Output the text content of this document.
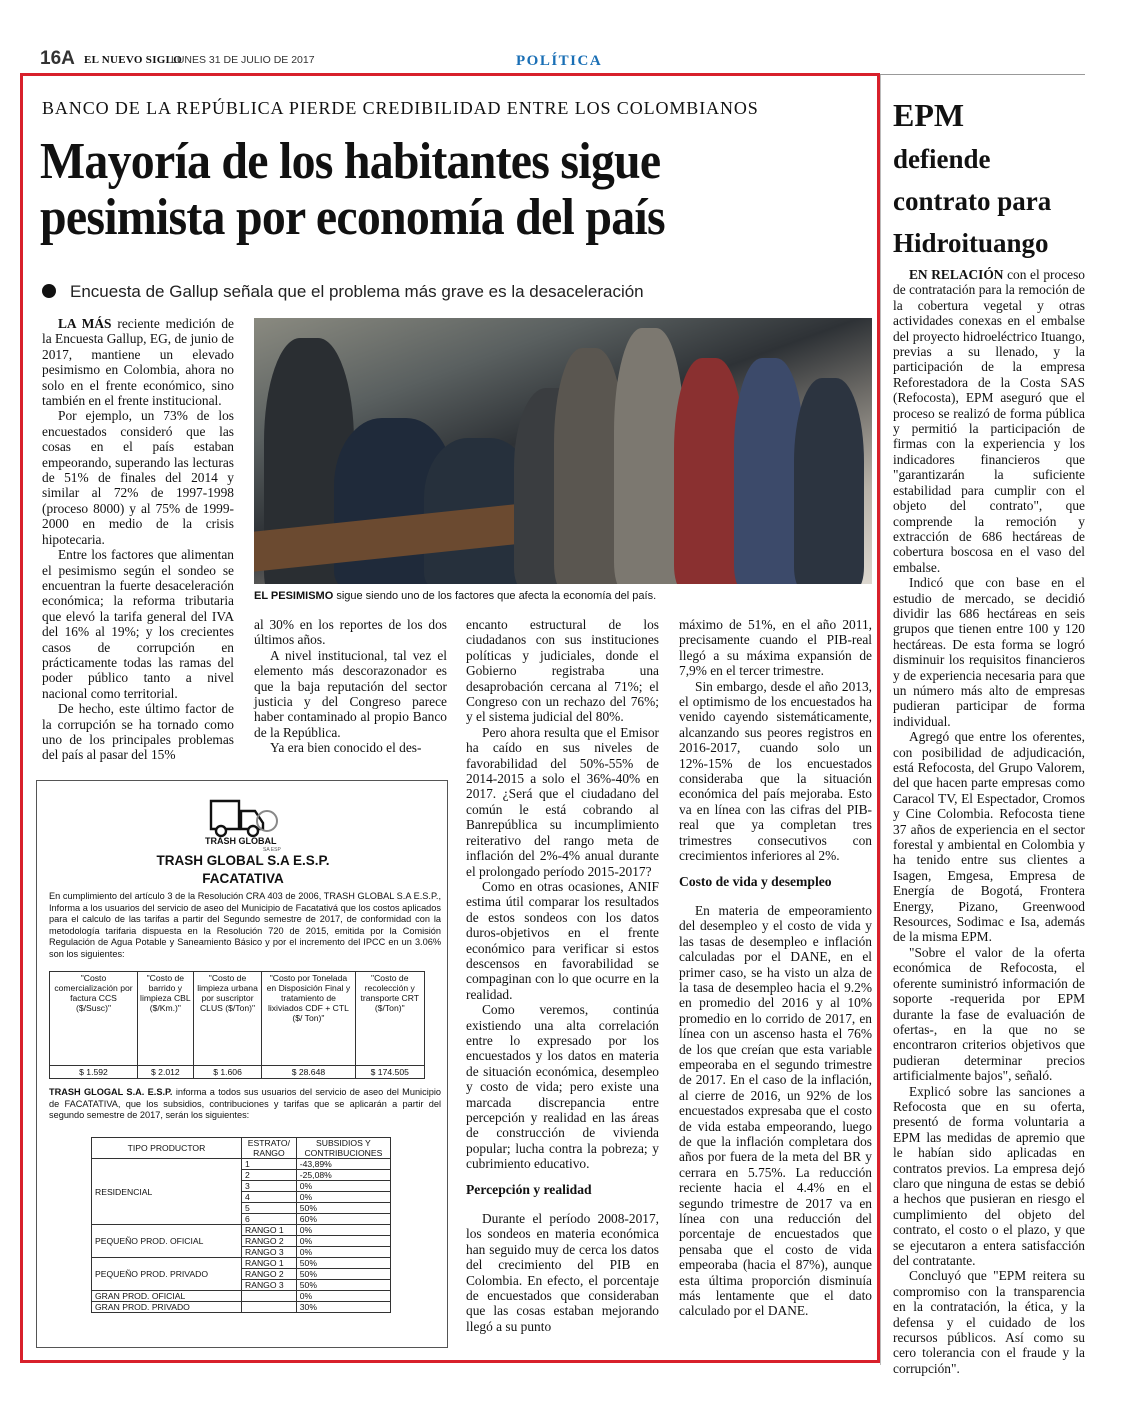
16A EL NUEVO SIGLO
LUNES 31 DE JULIO DE 2017	POLÍTICA
BANCO DE LA REPÚBLICA PIERDE CREDIBILIDAD ENTRE LOS COLOMBIANOS
Mayoría de los habitantes sigue
pesimista por economía del país
Encuesta de Gallup señala que el problema más grave es la desaceleración
EL PESIMISMO sigue siendo uno de los factores que afecta la economía del país.

LA MÁS reciente medición de la Encuesta Gallup, EG, de junio de 2017, mantiene un elevado pesimismo en Colombia, ahora no solo en el frente económico, sino también en el frente institucional.

Por ejemplo, un 73% de los encuestados consideró que las cosas en el país estaban empeorando, superando las lecturas de 51% de finales del 2014 y similar al 72% de 1997-1998 (proceso 8000) y al 75% de 1999-2000 en medio de la crisis hipotecaria.

Entre los factores que alimentan el pesimismo según el sondeo se encuentran la fuerte desaceleración económica; la reforma tributaria que elevó la tarifa general del IVA del 16% al 19%; y los crecientes casos de corrupción en prácticamente todas las ramas del poder público tanto a nivel nacional como territorial.

De hecho, este último factor de la corrupción se ha tornado como uno de los principales problemas del país al pasar del 15%

al 30% en los reportes de los dos últimos años.

A nivel institucional, tal vez el elemento más descorazonador es que la baja reputación del sector justicia y del Congreso parece haber contaminado al propio Banco de la República.

Ya era bien conocido el des-

encanto estructural de los ciudadanos con sus instituciones políticas y judiciales, donde el Gobierno registraba una desaprobación cercana al 71%; el Congreso con un rechazo del 76%; y el sistema judicial del 80%.

Pero ahora resulta que el Emisor ha caído en sus niveles de favorabilidad del 50%-55% de 2014-2015 a solo el 36%-40% en 2017. ¿Será que el ciudadano del común le está cobrando al Banrepública su incumplimiento reiterativo del rango meta de inflación del 2%-4% anual durante el prolongado período 2015-2017?

Como en otras ocasiones, ANIF estima útil comparar los resultados de estos sondeos con los datos duros-objetivos en el frente económico para verificar si estos descensos en favorabilidad se compaginan con lo que ocurre en la realidad.

Como veremos, continúa existiendo una alta correlación entre lo expresado por los encuestados y los datos en materia de situación económica, desempleo y costo de vida; pero existe una marcada discrepancia entre percepción y realidad en las áreas de construcción de vivienda popular; lucha contra la pobreza; y cubrimiento educativo.

Percepción y realidad

Durante el período 2008-2017, los sondeos en materia económica han seguido muy de cerca los datos del crecimiento del PIB en Colombia. En efecto, el porcentaje de encuestados que consideraban que las cosas estaban mejorando llegó a su punto

máximo de 51%, en el año 2011, precisamente cuando el PIB-real llegó a su máxima expansión de 7,9% en el tercer trimestre.

Sin embargo, desde el año 2013, el optimismo de los encuestados ha venido cayendo sistemáticamente, alcanzando sus peores registros en 2016-2017, cuando solo un 12%-15% de los encuestados consideraba que la situación económica del país mejoraba. Esto va en línea con las cifras del PIB-real que ya completan tres trimestres consecutivos con crecimientos inferiores al 2%.

Costo de vida y desempleo

En materia de empeoramiento del desempleo y el costo de vida y las tasas de desempleo e inflación calculadas por el DANE, en el primer caso, se ha visto un alza de la tasa de desempleo hacia el 9.2% en promedio del 2016 y al 10% promedio en lo corrido de 2017, en línea con un ascenso hasta el 76% de los que creían que esta variable empeoraba en el segundo trimestre de 2017. En el caso de la inflación, al cierre de 2016, un 92% de los encuestados expresaba que el costo de vida estaba empeorando, luego de que la inflación completara dos años por fuera de la meta del BR y cerrara en 5.75%. La reducción reciente hacia el 4.4% en el segundo trimestre de 2017 va en línea con una reducción del porcentaje de encuestados que pensaba que el costo de vida empeoraba (hacia el 87%), aunque esta última proporción disminuía más lentamente que el dato calculado por el DANE.

TRASH GLOBAL
SA ESP
TRASH GLOBAL S.A E.S.P.
FACATATIVA
En cumplimiento del artículo 3 de la Resolución CRA 403 de 2006, TRASH GLOBAL S.A E.S.P., Informa a los usuarios del servicio de aseo del Municipio de Facatativá que los costos aplicados para el calculo de las tarifas a partir del Segundo semestre de 2017, de conformidad con la metodología tarifaria dispuesta en la Resolución 720 de 2015, emitida por la Comisión Regulación de Agua Potable y Saneamiento Básico y por el incremento del IPCC en un 3.06% son los siguientes:
"Costo comercialización por factura CCS ($/Susc)"	"Costo de barrido y limpieza CBL ($/Km.)"	"Costo de limpieza urbana por suscriptor CLUS ($/Ton)"	"Costo por Tonelada en Disposición Final y tratamiento de lixiviados CDF + CTL ($/ Ton)"	"Costo de recolección y transporte CRT ($/Ton)"
$ 1.592	$ 2.012	$ 1.606	$ 28.648	$ 174.505
TRASH GLOGAL S.A. E.S.P. informa a todos sus usuarios del servicio de aseo del Municipio de FACATATIVA, que los subsidios, contribuciones y tarifas que se aplicarán a partir del segundo semestre de 2017, serán los siguientes:
TIPO PRODUCTOR	ESTRATO/ RANGO	SUBSIDIOS Y CONTRIBUCIONES
RESIDENCIAL	1	-43,89%
	2	-25,08%
	3	0%
	4	0%
	5	50%
	6	60%
PEQUEÑO PROD. OFICIAL	RANGO 1	0%
	RANGO 2	0%
	RANGO 3	0%
PEQUEÑO PROD. PRIVADO	RANGO 1	50%
	RANGO 2	50%
	RANGO 3	50%
GRAN PROD. OFICIAL		0%
GRAN PROD. PRIVADO		30%
EPM
defiende contrato para Hidroituango

EN RELACIÓN con el proceso de contratación para la remoción de la cobertura vegetal y otras actividades conexas en el embalse del proyecto hidroeléctrico Ituango, previas a su llenado, y la participación de la empresa Reforestadora de la Costa SAS (Refocosta), EPM aseguró que el proceso se realizó de forma pública y permitió la participación de firmas con la experiencia y los indicadores financieros que "garantizarán la suficiente estabilidad para cumplir con el objeto del contrato", que comprende la remoción y extracción de 686 hectáreas de cobertura boscosa en el vaso del embalse.

Indicó que con base en el estudio de mercado, se decidió dividir las 686 hectáreas en seis grupos que tienen entre 100 y 120 hectáreas. De esta forma se logró disminuir los requisitos financieros y de experiencia necesaria para que un número más alto de empresas pudieran participar de forma individual.

Agregó que entre los oferentes, con posibilidad de adjudicación, está Refocosta, del Grupo Valorem, del que hacen parte empresas como Caracol TV, El Espectador, Cromos y Cine Colombia. Refocosta tiene 37 años de experiencia en el sector forestal y ambiental en Colombia y ha tenido entre sus clientes a Isagen, Emgesa, Empresa de Energía de Bogotá, Frontera Energy, Pizano, Greenwood Resources, Sodimac e Isa, además de la misma EPM.

"Sobre el valor de la oferta económica de Refocosta, el oferente suministró información de soporte -requerida por EPM durante la fase de evaluación de ofertas-, en la que no se encontraron criterios objetivos que pudieran determinar precios artificialmente bajos", señaló.

Explicó sobre las sanciones a Refocosta que en su oferta, presentó de forma voluntaria a EPM las medidas de apremio que le habían sido aplicadas en contratos previos. La empresa dejó claro que ninguna de estas se debió a hechos que pusieran en riesgo el cumplimiento del objeto del contrato, el costo o el plazo, y que se ejecutaron a entera satisfacción del contratante.

Concluyó que "EPM reitera su compromiso con la transparencia en la contratación, la ética, y la defensa y el cuidado de los recursos públicos. Así como su cero tolerancia con el fraude y la corrupción".
